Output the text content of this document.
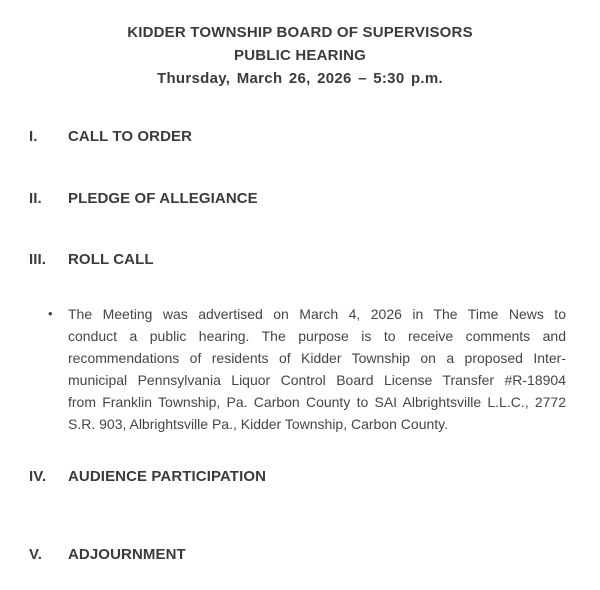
KIDDER TOWNSHIP BOARD OF SUPERVISORS
PUBLIC HEARING
Thursday, March 26, 2026 – 5:30 p.m.
I.	CALL TO ORDER
II.	PLEDGE OF ALLEGIANCE
III.	ROLL CALL
• The Meeting was advertised on March 4, 2026 in The Time News to
conduct a public hearing. The purpose is to receive comments and
recommendations of residents of Kidder Township on a proposed Inter-
municipal Pennsylvania Liquor Control Board License Transfer #R-18904
from Franklin Township, Pa. Carbon County to SAI Albrightsville L.L.C., 2772
S.R. 903, Albrightsville Pa., Kidder Township, Carbon County.
IV.	AUDIENCE PARTICIPATION
V.	ADJOURNMENT
